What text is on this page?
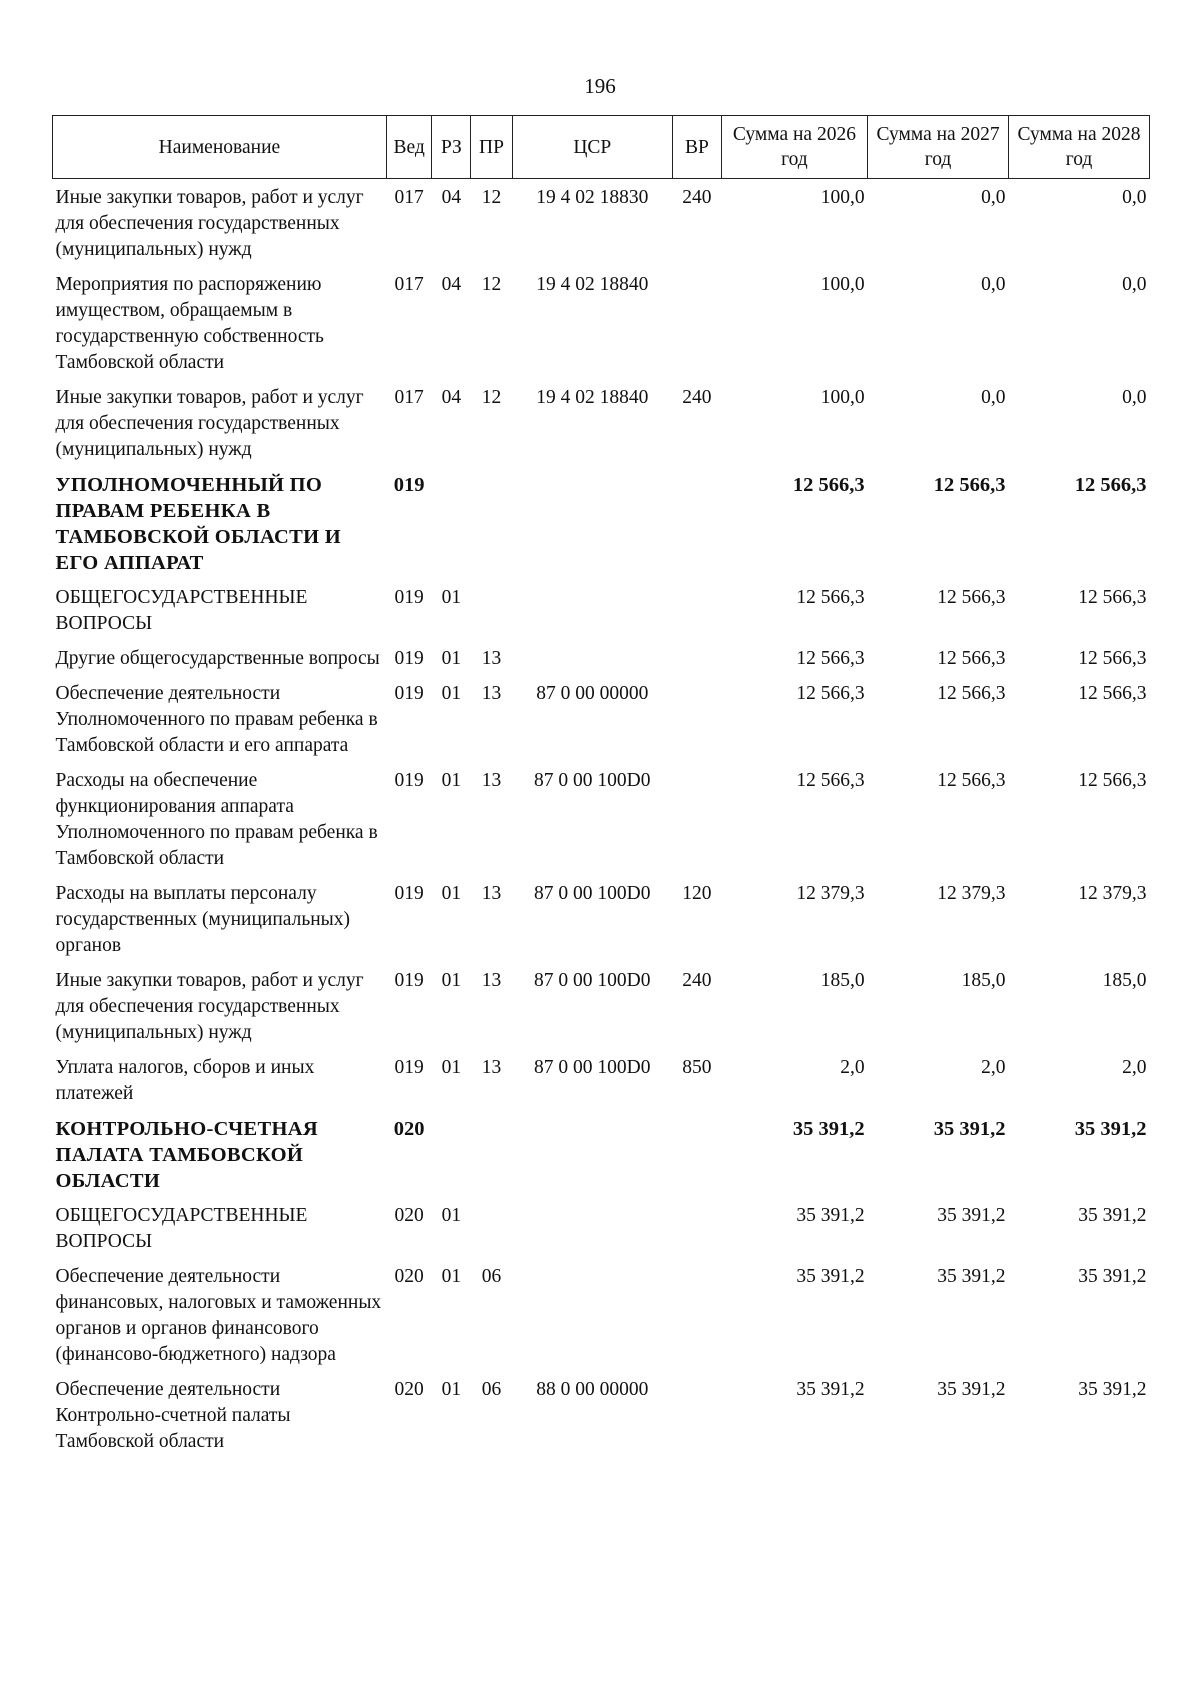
196
Наименование	Вед	РЗ	ПР	ЦСР	ВР	Сумма на 2026 год	Сумма на 2027 год	Сумма на 2028 год
Иные закупки товаров, работ и услуг для обеспечения государственных (муниципальных) нужд	017	04	12	19 4 02 18830	240	100,0	0,0	0,0
Мероприятия по распоряжению имуществом, обращаемым в государственную собственность Тамбовской области	017	04	12	19 4 02 18840		100,0	0,0	0,0
Иные закупки товаров, работ и услуг для обеспечения государственных (муниципальных) нужд	017	04	12	19 4 02 18840	240	100,0	0,0	0,0
УПОЛНОМОЧЕННЫЙ ПО ПРАВАМ РЕБЕНКА В ТАМБОВСКОЙ ОБЛАСТИ И ЕГО АППАРАТ	019					12 566,3	12 566,3	12 566,3
ОБЩЕГОСУДАРСТВЕННЫЕ ВОПРОСЫ	019	01				12 566,3	12 566,3	12 566,3
Другие общегосударственные вопросы	019	01	13			12 566,3	12 566,3	12 566,3
Обеспечение деятельности Уполномоченного по правам ребенка в Тамбовской области и его аппарата	019	01	13	87 0 00 00000		12 566,3	12 566,3	12 566,3
Расходы на обеспечение функционирования аппарата Уполномоченного по правам ребенка в Тамбовской области	019	01	13	87 0 00 100D0		12 566,3	12 566,3	12 566,3
Расходы на выплаты персоналу государственных (муниципальных) органов	019	01	13	87 0 00 100D0	120	12 379,3	12 379,3	12 379,3
Иные закупки товаров, работ и услуг для обеспечения государственных (муниципальных) нужд	019	01	13	87 0 00 100D0	240	185,0	185,0	185,0
Уплата налогов, сборов и иных платежей	019	01	13	87 0 00 100D0	850	2,0	2,0	2,0
КОНТРОЛЬНО-СЧЕТНАЯ ПАЛАТА ТАМБОВСКОЙ ОБЛАСТИ	020					35 391,2	35 391,2	35 391,2
ОБЩЕГОСУДАРСТВЕННЫЕ ВОПРОСЫ	020	01				35 391,2	35 391,2	35 391,2
Обеспечение деятельности финансовых, налоговых и таможенных органов и органов финансового (финансово-бюджетного) надзора	020	01	06			35 391,2	35 391,2	35 391,2
Обеспечение деятельности Контрольно-счетной палаты Тамбовской области	020	01	06	88 0 00 00000		35 391,2	35 391,2	35 391,2
